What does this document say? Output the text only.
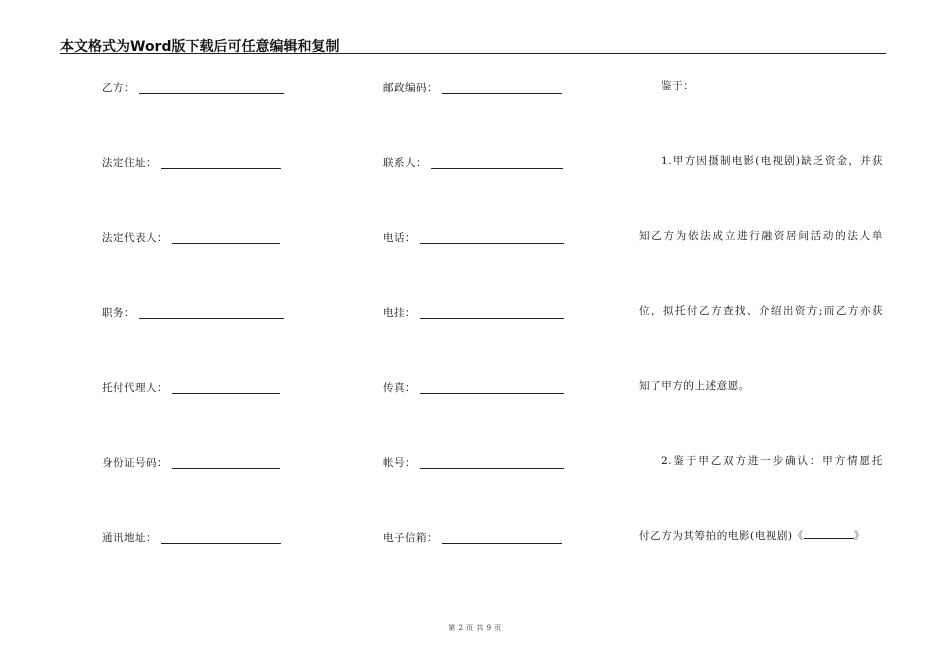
本文格式为Word版下载后可任意编辑和复制
乙方：
法定住址：
法定代表人：
职务：
托付代理人：
身份证号码：
通讯地址：
邮政编码：
联系人：
电话：
电挂：
传真：
帐号：
电子信箱：
鉴于：
1.甲方因摄制电影(电视剧)缺乏资金，并获
知乙方为依法成立进行融资居间活动的法人单
位，拟托付乙方查找、介绍出资方;而乙方亦获
知了甲方的上述意愿。
2.鉴于甲乙双方进一步确认：甲方情愿托
付乙方为其筹拍的电影(电视剧)《	》
第 2 页 共 9 页
